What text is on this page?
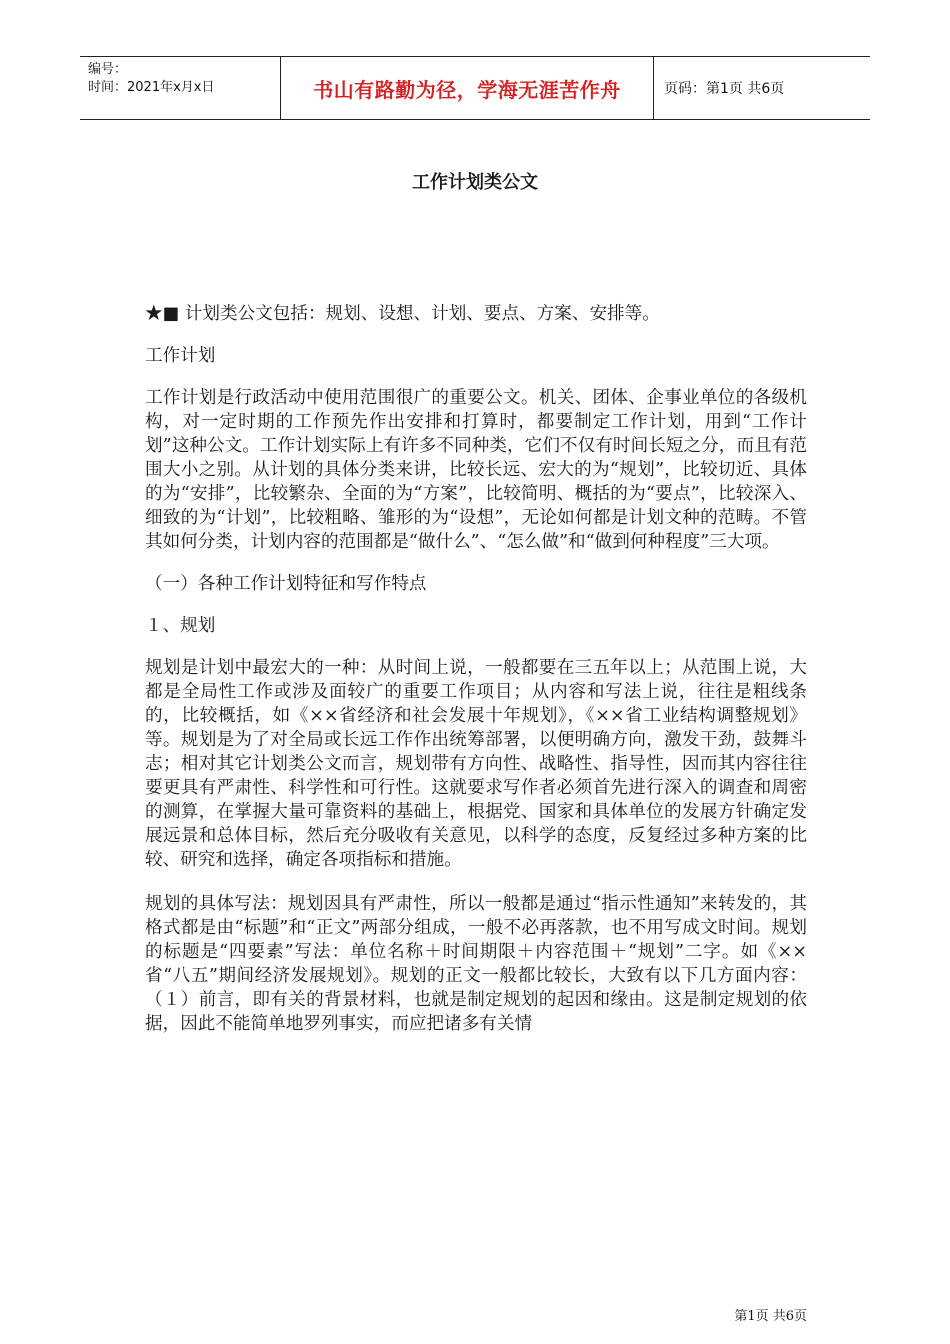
编号：
时间：2021年x月x日	书山有路勤为径，学海无涯苦作舟	页码：第1页 共6页
工作计划类公文

★■ 计划类公文包括：规划、设想、计划、要点、方案、安排等。

工作计划

工作计划是行政活动中使用范围很广的重要公文。机关、团体、企事业单位的各级机构，对一定时期的工作预先作出安排和打算时，都要制定工作计划，用到“工作计划”这种公文。工作计划实际上有许多不同种类，它们不仅有时间长短之分，而且有范围大小之别。从计划的具体分类来讲，比较长远、宏大的为“规划”，比较切近、具体的为“安排”，比较繁杂、全面的为“方案”，比较简明、概括的为“要点”，比较深入、细致的为“计划”，比较粗略、雏形的为“设想”，无论如何都是计划文种的范畴。不管其如何分类，计划内容的范围都是“做什么”、“怎么做”和“做到何种程度”三大项。

（一）各种工作计划特征和写作特点

１、规划

规划是计划中最宏大的一种：从时间上说，一般都要在三五年以上；从范围上说，大都是全局性工作或涉及面较广的重要工作项目；从内容和写法上说，往往是粗线条的，比较概括，如《××省经济和社会发展十年规划》，《××省工业结构调整规划》等。规划是为了对全局或长远工作作出统筹部署，以便明确方向，激发干劲，鼓舞斗志；相对其它计划类公文而言，规划带有方向性、战略性、指导性，因而其内容往往要更具有严肃性、科学性和可行性。这就要求写作者必须首先进行深入的调查和周密的测算，在掌握大量可靠资料的基础上，根据党、国家和具体单位的发展方针确定发展远景和总体目标，然后充分吸收有关意见，以科学的态度，反复经过多种方案的比较、研究和选择，确定各项指标和措施。

规划的具体写法：规划因具有严肃性，所以一般都是通过“指示性通知”来转发的，其格式都是由“标题”和“正文”两部分组成，一般不必再落款，也不用写成文时间。规划的标题是“四要素”写法：单位名称＋时间期限＋内容范围＋“规划”二字。如《××省“八五”期间经济发展规划》。规划的正文一般都比较长，大致有以下几方面内容：（１）前言，即有关的背景材料，也就是制定规划的起因和缘由。这是制定规划的依据，因此不能简单地罗列事实，而应把诸多有关情

第1页 共6页
